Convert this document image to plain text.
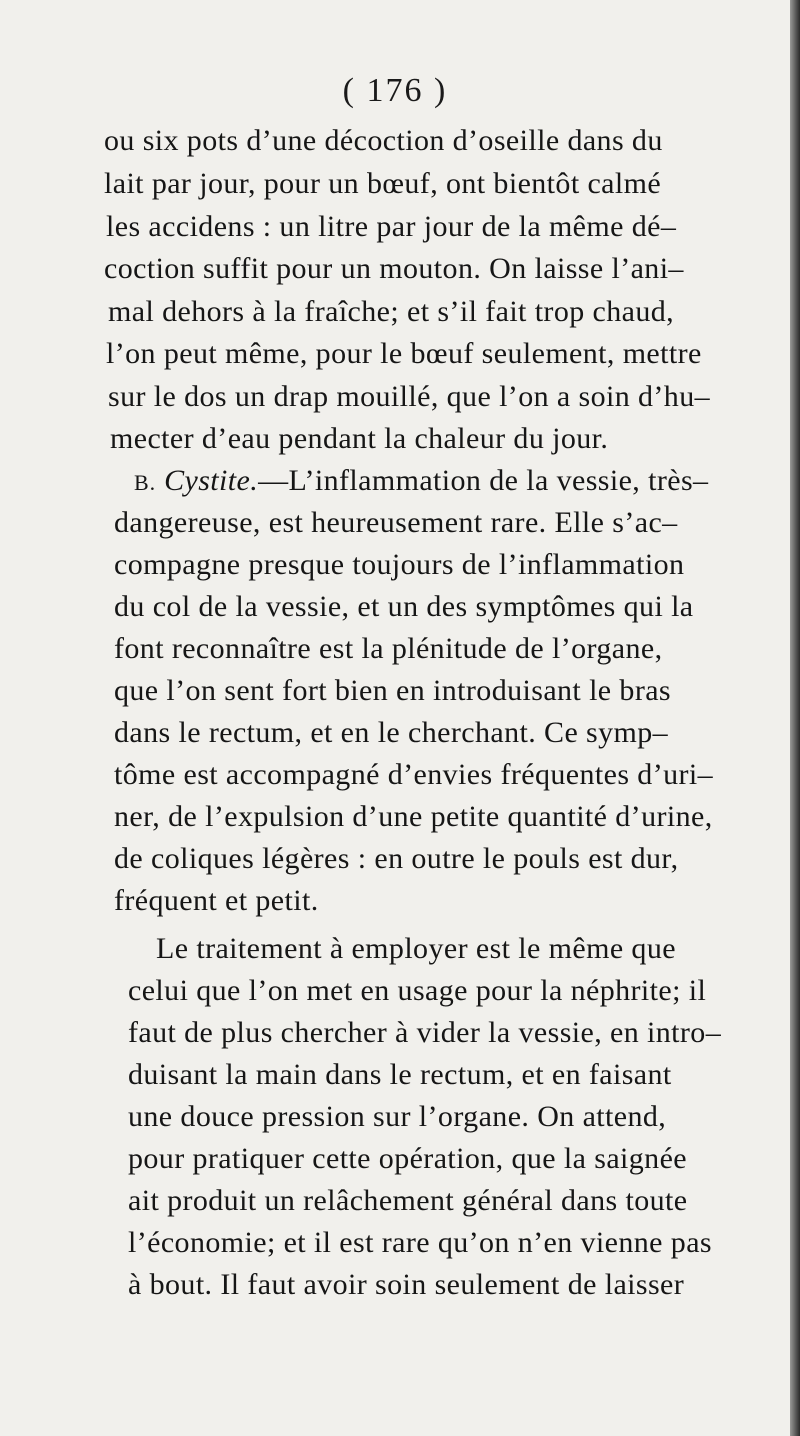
( 176 )
ou six pots d’une décoction d’oseille dans du
lait par jour, pour un bœuf, ont bientôt calmé
les accidens : un litre par jour de la même dé–
coction suffit pour un mouton. On laisse l’ani–
mal dehors à la fraîche; et s’il fait trop chaud,
l’on peut même, pour le bœuf seulement, mettre
sur le dos un drap mouillé, que l’on a soin d’hu–
mecter d’eau pendant la chaleur du jour.
B. Cystite.—L’inflammation de la vessie, très–
dangereuse, est heureusement rare. Elle s’ac–
compagne presque toujours de l’inflammation
du col de la vessie, et un des symptômes qui la
font reconnaître est la plénitude de l’organe,
que l’on sent fort bien en introduisant le bras
dans le rectum, et en le cherchant. Ce symp–
tôme est accompagné d’envies fréquentes d’uri–
ner, de l’expulsion d’une petite quantité d’urine,
de coliques légères : en outre le pouls est dur,
fréquent et petit.
Le traitement à employer est le même que
celui que l’on met en usage pour la néphrite; il
faut de plus chercher à vider la vessie, en intro–
duisant la main dans le rectum, et en faisant
une douce pression sur l’organe. On attend,
pour pratiquer cette opération, que la saignée
ait produit un relâchement général dans toute
l’économie; et il est rare qu’on n’en vienne pas
à bout. Il faut avoir soin seulement de laisser
